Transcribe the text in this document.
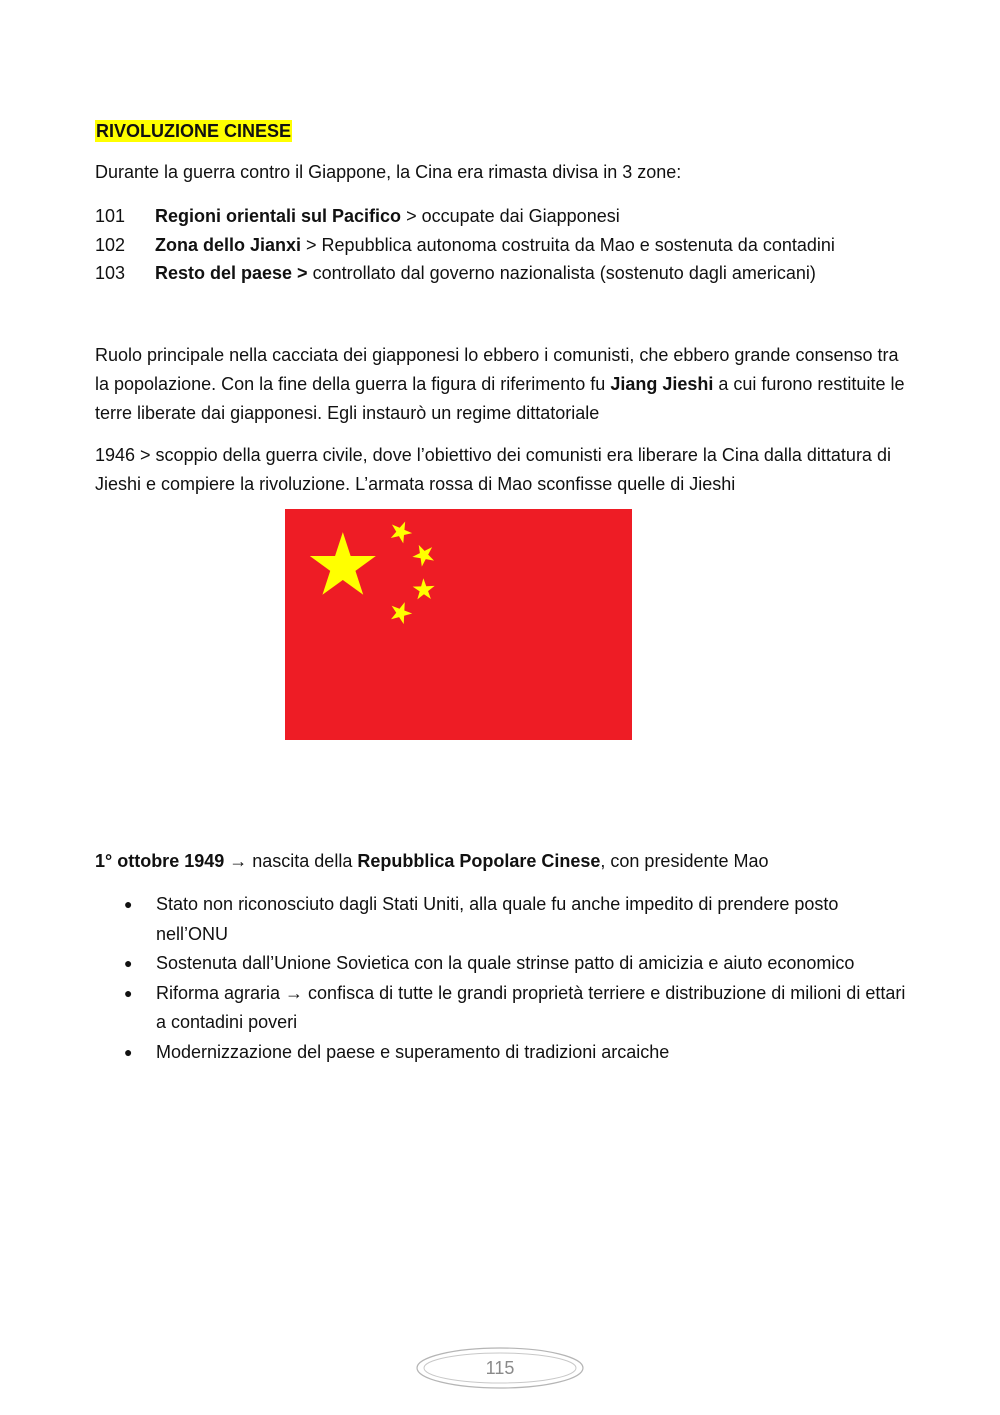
RIVOLUZIONE CINESE

Durante la guerra contro il Giappone, la Cina era rimasta divisa in 3 zone:

101	Regioni orientali sul Pacifico > occupate dai Giapponesi
102	Zona dello Jianxi > Repubblica autonoma costruita da Mao e sostenuta da contadini
103	Resto del paese > controllato dal governo nazionalista (sostenuto dagli americani)

Ruolo principale nella cacciata dei giapponesi lo ebbero i comunisti, che ebbero grande consenso tra la popolazione. Con la fine della guerra la figura di riferimento fu Jiang Jieshi a cui furono restituite le terre liberate dai giapponesi. Egli instaurò un regime dittatoriale

1946 > scoppio della guerra civile, dove l’obiettivo dei comunisti era liberare la Cina dalla dittatura di Jieshi e compiere la rivoluzione. L’armata rossa di Mao sconfisse quelle di Jieshi

1° ottobre 1949 → nascita della Repubblica Popolare Cinese, con presidente Mao

●	Stato non riconosciuto dagli Stati Uniti, alla quale fu anche impedito di prendere posto nell’ONU
●	Sostenuta dall’Unione Sovietica con la quale strinse patto di amicizia e aiuto economico
●	Riforma agraria → confisca di tutte le grandi proprietà terriere e distribuzione di milioni di ettari a contadini poveri
●	Modernizzazione del paese e superamento di tradizioni arcaiche
115
